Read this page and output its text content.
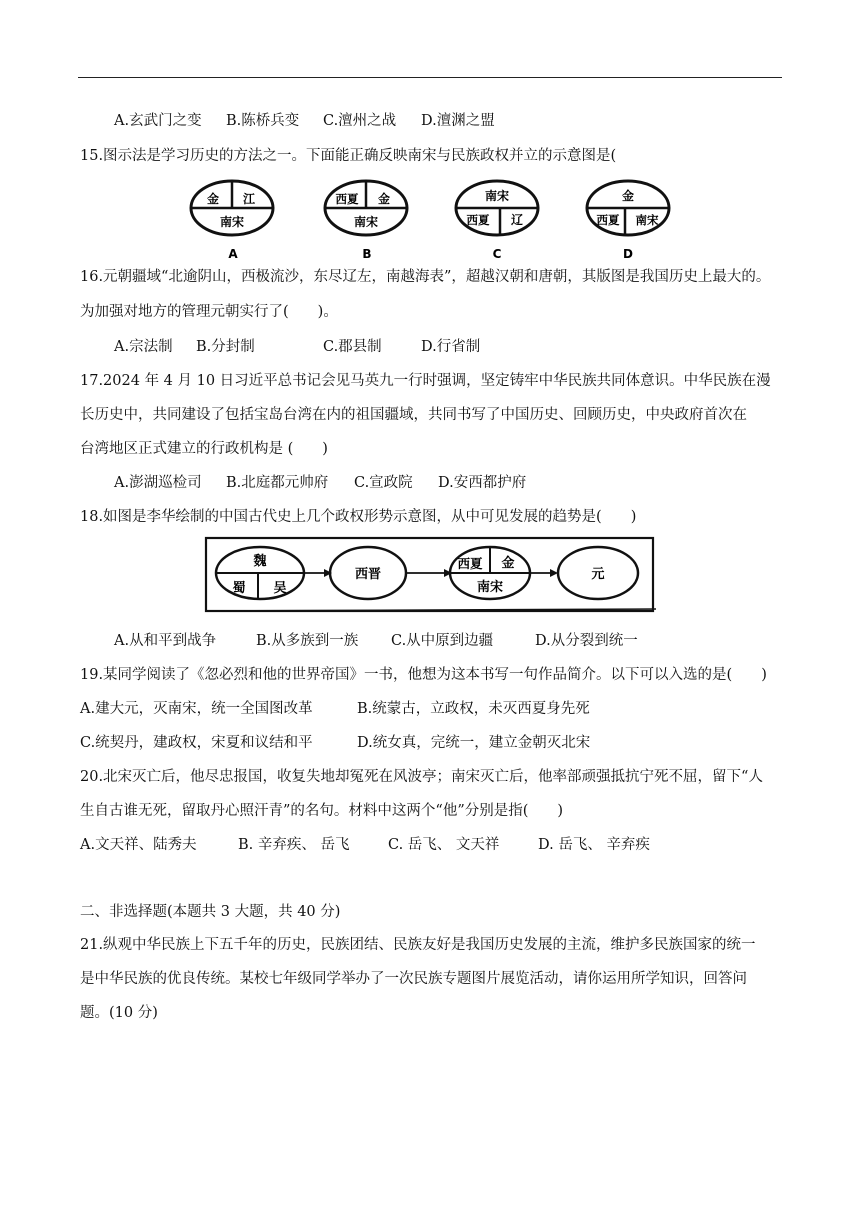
A.玄武门之变 B.陈桥兵变 C.澶州之战 D.澶渊之盟
15.图示法是学习历史的方法之一。下面能正确反映南宋与民族政权并立的示意图是(
金 江
南宋
A
西夏 金
南宋
B
南宋
西夏 辽
C
金
西夏 南宋
D
16.元朝疆域“北逾阴山，西极流沙，东尽辽左，南越海表”，超越汉朝和唐朝，其版图是我国历史上最大的。
为加强对地方的管理元朝实行了(　　)。
A.宗法制 B.分封制	C.郡县制	D.行省制
17.2024 年 4 月 10 日习近平总书记会见马英九一行时强调，坚定铸牢中华民族共同体意识。中华民族在漫
长历史中，共同建设了包括宝岛台湾在内的祖国疆域，共同书写了中国历史、回顾历史，中央政府首次在
台湾地区正式建立的行政机构是 (　　)
A.澎湖巡检司 B.北庭都元帅府 C.宣政院 D.安西都护府
18.如图是李华绘制的中国古代史上几个政权形势示意图，从中可见发展的趋势是(　　)
魏
蜀 吴
西晋
西夏 金
南宋
元
A.从和平到战争	B.从多族到一族 C.从中原到边疆	D.从分裂到统一
19.某同学阅读了《忽必烈和他的世界帝国》一书，他想为这本书写一句作品简介。以下可以入选的是(　　)
A.建大元，灭南宋，统一全国图改革	B.统蒙古，立政权，未灭西夏身先死
C.统契丹，建政权，宋夏和议结和平	D.统女真，完统一，建立金朝灭北宋
20.北宋灭亡后，他尽忠报国，收复失地却冤死在风波亭；南宋灭亡后，他率部顽强抵抗宁死不屈，留下“人
生自古谁无死，留取丹心照汗青”的名句。材料中这两个“他”分别是指(　　)
A.文天祥、陆秀夫	B. 辛弃疾、 岳飞	C. 岳飞、 文天祥	D. 岳飞、 辛弃疾
二、非选择题(本题共 3 大题，共 40 分)
21.纵观中华民族上下五千年的历史，民族团结、民族友好是我国历史发展的主流，维护多民族国家的统一
是中华民族的优良传统。某校七年级同学举办了一次民族专题图片展览活动，请你运用所学知识，回答问
题。(10 分)
